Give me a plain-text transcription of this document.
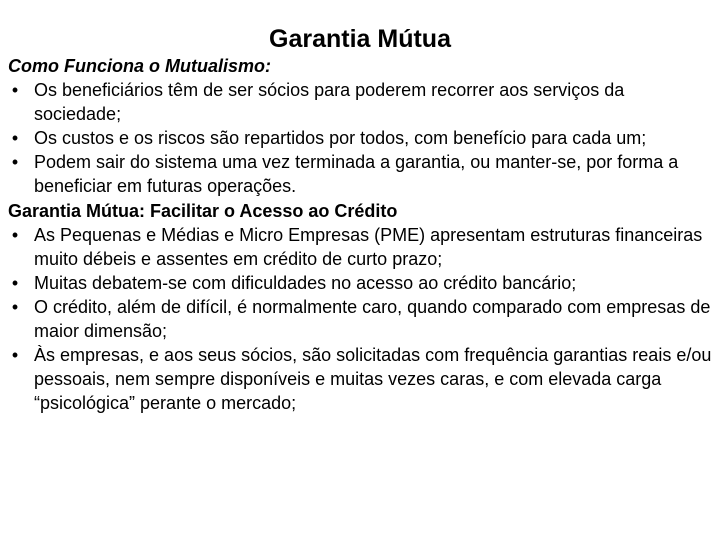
Garantia Mútua

Como Funciona o Mutualismo:

• Os beneficiários têm de ser sócios para poderem recorrer aos serviços da sociedade;
• Os custos e os riscos são repartidos por todos, com benefício para cada um;
• Podem sair do sistema uma vez terminada a garantia, ou manter-se, por forma a beneficiar em futuras operações.

Garantia Mútua: Facilitar o Acesso ao Crédito

• As Pequenas e Médias e Micro Empresas (PME) apresentam estruturas financeiras muito débeis e assentes em crédito de curto prazo;
• Muitas debatem-se com dificuldades no acesso ao crédito bancário;
• O crédito, além de difícil, é normalmente caro, quando comparado com empresas de maior dimensão;
• Às empresas, e aos seus sócios, são solicitadas com frequência garantias reais e/ou pessoais, nem sempre disponíveis e muitas vezes caras, e com elevada carga “psicológica” perante o mercado;
